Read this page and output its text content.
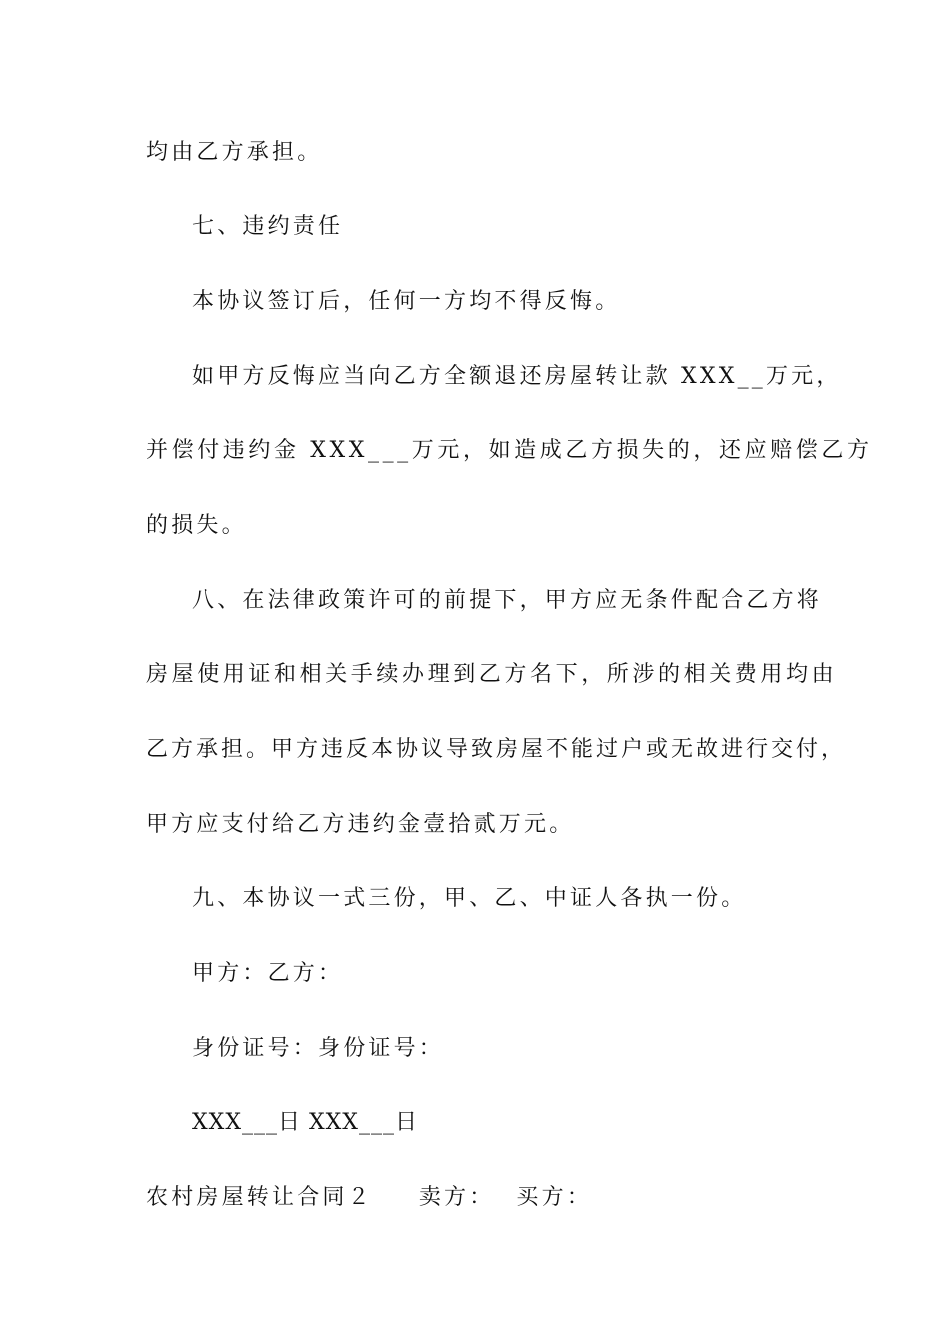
均由乙方承担。
七、违约责任
本协议签订后，任何一方均不得反悔。
如甲方反悔应当向乙方全额退还房屋转让款 XXX__万元，
并偿付违约金 XXX___万元，如造成乙方损失的，还应赔偿乙方
的损失。
八、在法律政策许可的前提下，甲方应无条件配合乙方将
房屋使用证和相关手续办理到乙方名下，所涉的相关费用均由
乙方承担。甲方违反本协议导致房屋不能过户或无故进行交付，
甲方应支付给乙方违约金壹拾贰万元。
九、本协议一式三份，甲、乙、中证人各执一份。
甲方：乙方：
身份证号：身份证号：
XXX___日 XXX___日
农村房屋转让合同２ 卖方： 买方：
